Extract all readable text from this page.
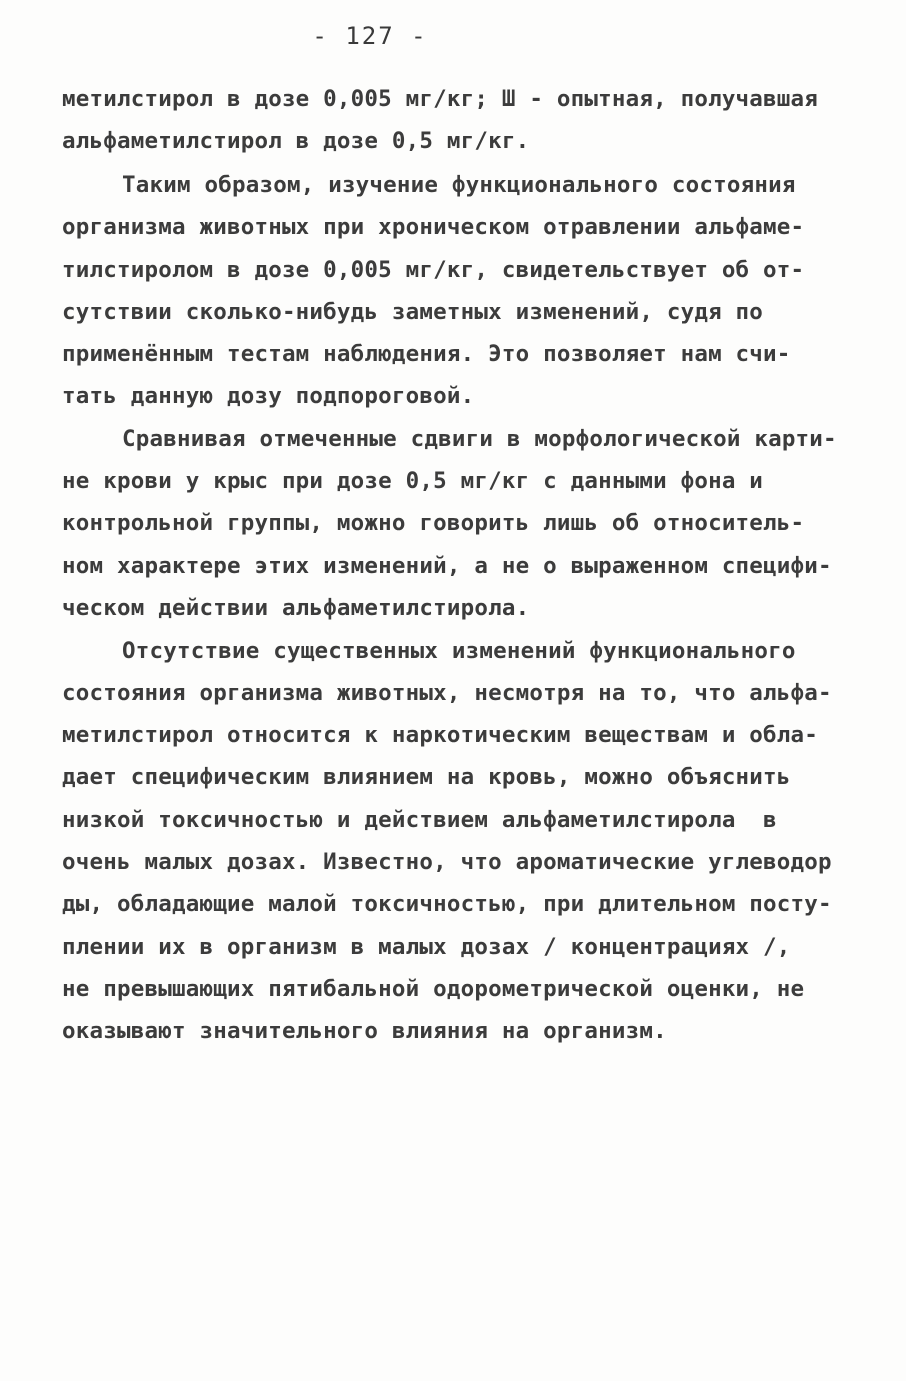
- 127 -
метилстирол в дозе 0,005 мг/кг; Ш - опытная, получавшая
альфаметилстирол в дозе 0,5 мг/кг.
Таким образом, изучение функционального состояния
организма животных при хроническом отравлении альфаме-
тилстиролом в дозе 0,005 мг/кг, свидетельствует об от-
сутствии сколько-нибудь заметных изменений, судя по
применённым тестам наблюдения. Это позволяет нам счи-
тать данную дозу подпороговой.
Сравнивая отмеченные сдвиги в морфологической карти-
не крови у крыс при дозе 0,5 мг/кг с данными фона и
контрольной группы, можно говорить лишь об относитель-
ном характере этих изменений, а не о выраженном специфи-
ческом действии альфаметилстирола.
Отсутствие существенных изменений функционального
состояния организма животных, несмотря на то, что альфа-
метилстирол относится к наркотическим веществам и обла-
дает специфическим влиянием на кровь, можно объяснить
низкой токсичностью и действием альфаметилстирола  в
очень малых дозах. Известно, что ароматические углеводор
ды, обладающие малой токсичностью, при длительном посту-
плении их в организм в малых дозах / концентрациях /,
не превышающих пятибальной одорометрической оценки, не
оказывают значительного влияния на организм.
